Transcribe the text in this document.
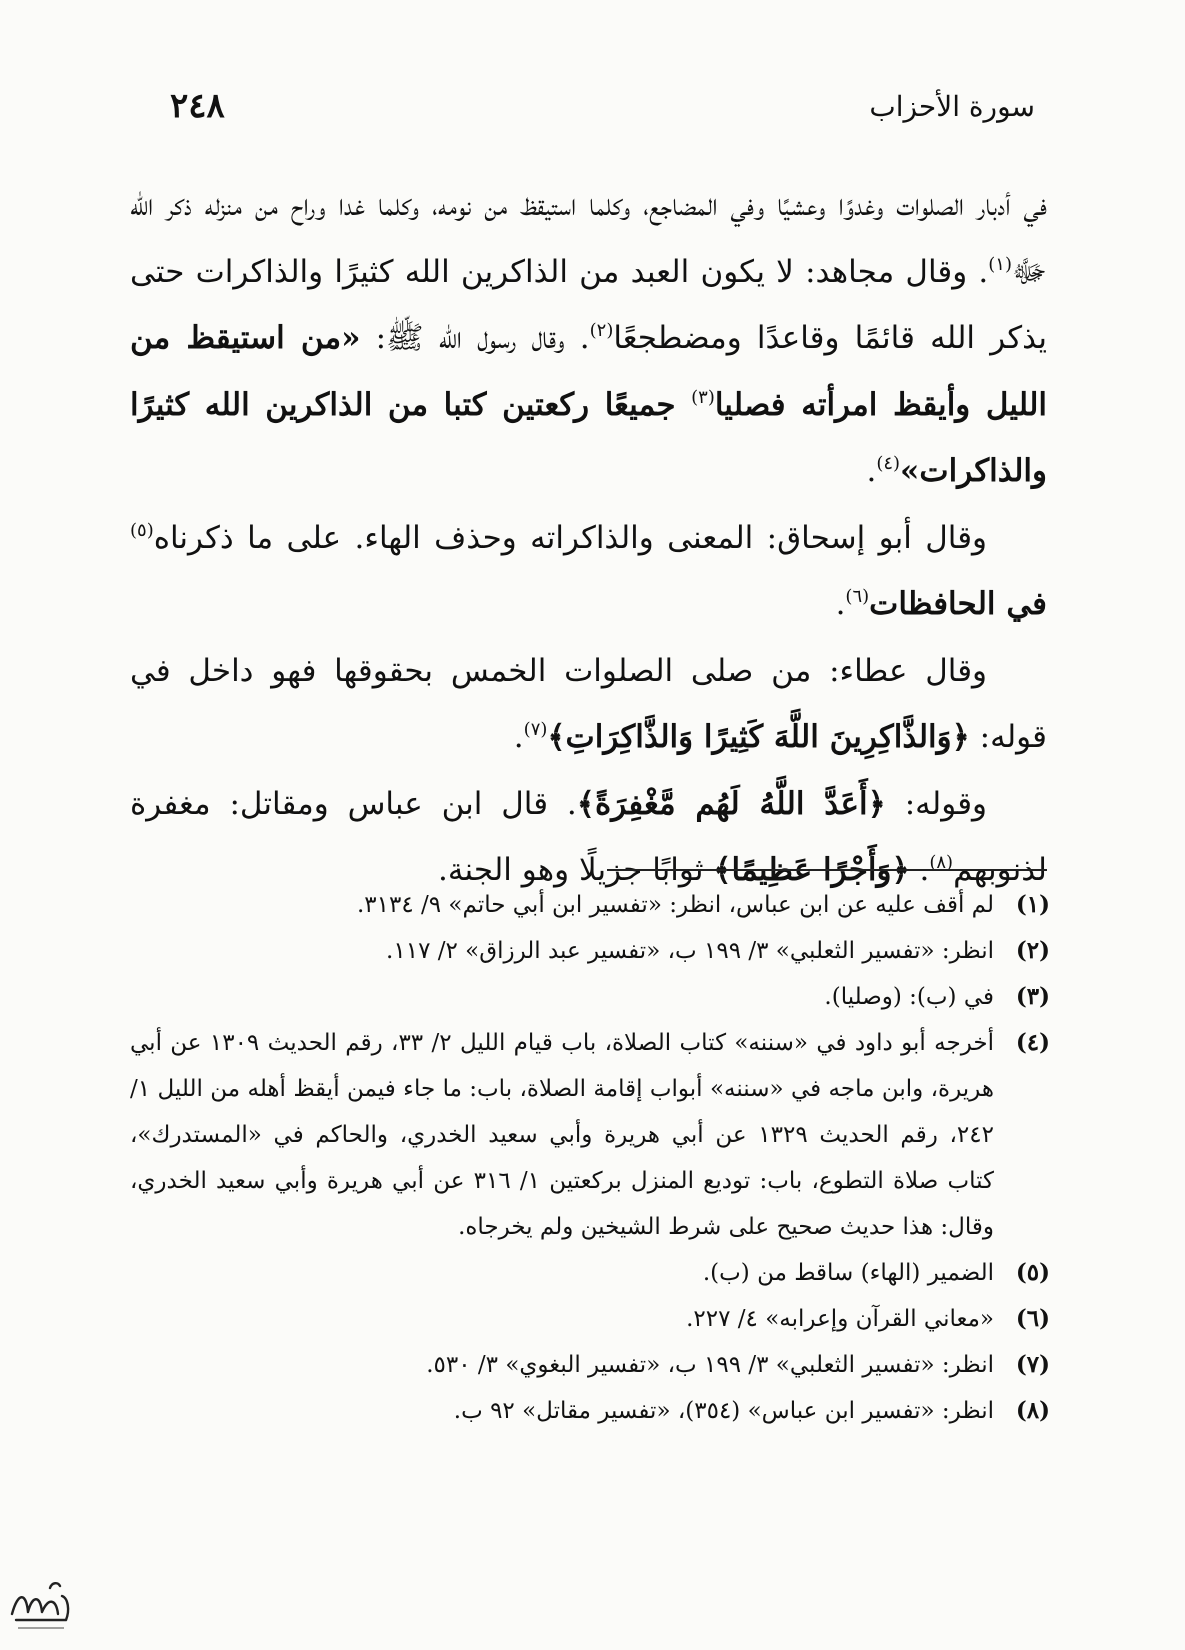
٢٤٨	سورة الأحزاب

في أدبار الصلوات وغدوًا وعشيًا وفي المضاجع، وكلما استيقظ من نومه، وكلما غدا وراح من منزله ذكر الله ﷻ$^{(١)}$. وقال مجاهد: لا يكون العبد من الذاكرين الله كثيرًا والذاكرات حتى يذكر الله قائمًا وقاعدًا ومضطجعًا$^{(٢)}$. وقال رسول الله ﷺ: «من استيقظ من الليل وأيقظ امرأته فصليا$^{(٣)}$ جميعًا ركعتين كتبا من الذاكرين الله كثيرًا والذاكرات»$^{(٤)}$.

وقال أبو إسحاق: المعنى والذاكراته وحذف الهاء. على ما ذكرناه$^{(٥)}$ في الحافظات$^{(٦)}$.

وقال عطاء: من صلى الصلوات الخمس بحقوقها فهو داخل في قوله: ﴿وَالذَّاكِرِينَ اللَّهَ كَثِيرًا وَالذَّاكِرَاتِ﴾$^{(٧)}$.

وقوله: ﴿أَعَدَّ اللَّهُ لَهُم مَّغْفِرَةً﴾. قال ابن عباس ومقاتل: مغفرة لذنوبهم$^{(٨)}$. ﴿وَأَجْرًا عَظِيمًا﴾ ثوابًا جزيلًا وهو الجنة.

(١)
لم أقف عليه عن ابن عباس، انظر: «تفسير ابن أبي حاتم» ٩/ ٣١٣٤.
(٢)
انظر: «تفسير الثعلبي» ٣/ ١٩٩ ب، «تفسير عبد الرزاق» ٢/ ١١٧.
(٣)
في (ب): (وصليا).
(٤)
أخرجه أبو داود في «سننه» كتاب الصلاة، باب قيام الليل ٢/ ٣٣، رقم الحديث ١٣٠٩ عن أبي هريرة، وابن ماجه في «سننه» أبواب إقامة الصلاة، باب: ما جاء فيمن أيقظ أهله من الليل ١/ ٢٤٢، رقم الحديث ١٣٢٩ عن أبي هريرة وأبي سعيد الخدري، والحاكم في «المستدرك»، كتاب صلاة التطوع، باب: توديع المنزل بركعتين ١/ ٣١٦ عن أبي هريرة وأبي سعيد الخدري، وقال: هذا حديث صحيح على شرط الشيخين ولم يخرجاه.
(٥)
الضمير (الهاء) ساقط من (ب).
(٦)
«معاني القرآن وإعرابه» ٤/ ٢٢٧.
(٧)
انظر: «تفسير الثعلبي» ٣/ ١٩٩ ب، «تفسير البغوي» ٣/ ٥٣٠.
(٨)
انظر: «تفسير ابن عباس» (٣٥٤)، «تفسير مقاتل» ٩٢ ب.
